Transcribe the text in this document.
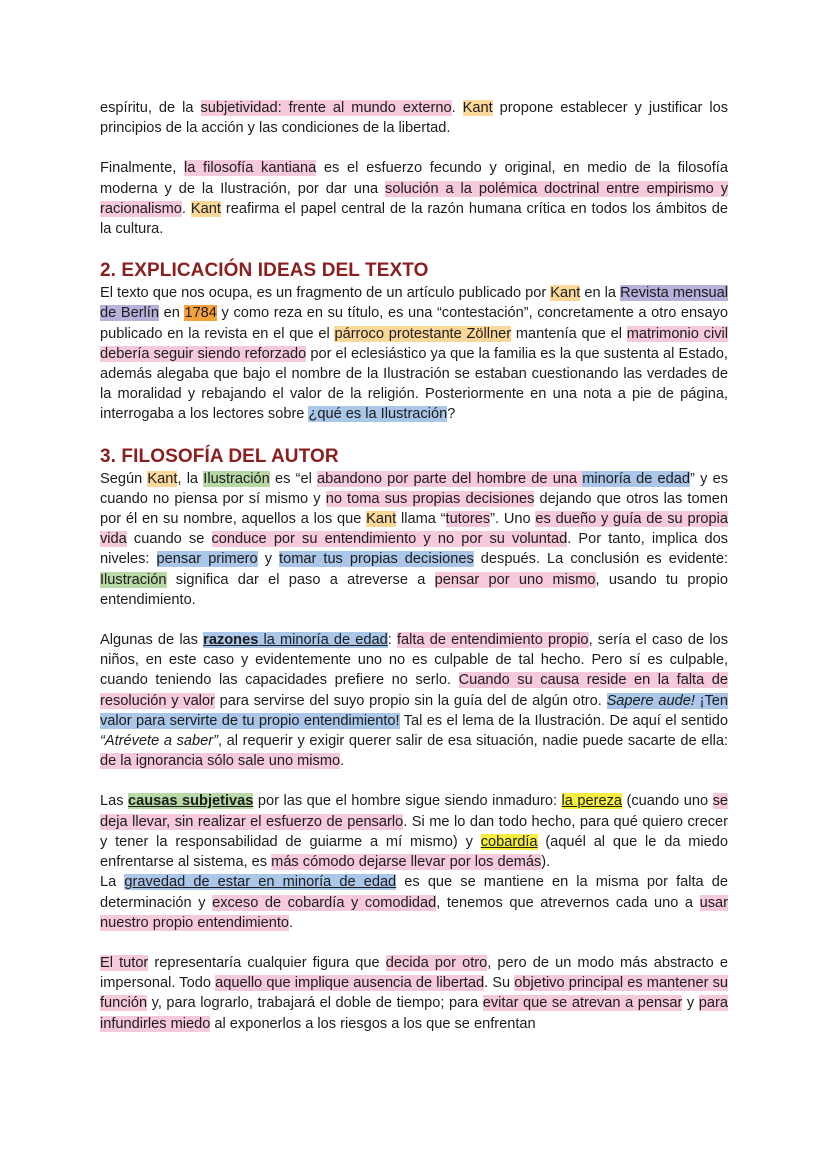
espíritu, de la subjetividad: frente al mundo externo. Kant propone establecer y justificar los principios de la acción y las condiciones de la libertad.

Finalmente, la filosofía kantiana es el esfuerzo fecundo y original, en medio de la filosofía moderna y de la Ilustración, por dar una solución a la polémica doctrinal entre empirismo y racionalismo. Kant reafirma el papel central de la razón humana crítica en todos los ámbitos de la cultura.

2. EXPLICACIÓN IDEAS DEL TEXTO

El texto que nos ocupa, es un fragmento de un artículo publicado por Kant en la Revista mensual de Berlín en 1784 y como reza en su título, es una “contestación”, concretamente a otro ensayo publicado en la revista en el que el párroco protestante Zöllner mantenía que el matrimonio civil debería seguir siendo reforzado por el eclesiástico ya que la familia es la que sustenta al Estado, además alegaba que bajo el nombre de la Ilustración se estaban cuestionando las verdades de la moralidad y rebajando el valor de la religión. Posteriormente en una nota a pie de página, interrogaba a los lectores sobre ¿qué es la Ilustración?

3. FILOSOFÍA DEL AUTOR

Según Kant, la Ilustración es “el abandono por parte del hombre de una minoría de edad” y es cuando no piensa por sí mismo y no toma sus propias decisiones dejando que otros las tomen por él en su nombre, aquellos a los que Kant llama “tutores”. Uno es dueño y guía de su propia vida cuando se conduce por su entendimiento y no por su voluntad. Por tanto, implica dos niveles: pensar primero y tomar tus propias decisiones después. La conclusión es evidente: Ilustración significa dar el paso a atreverse a pensar por uno mismo, usando tu propio entendimiento.

Algunas de las razones la minoría de edad: falta de entendimiento propio, sería el caso de los niños, en este caso y evidentemente uno no es culpable de tal hecho. Pero sí es culpable, cuando teniendo las capacidades prefiere no serlo. Cuando su causa reside en la falta de resolución y valor para servirse del suyo propio sin la guía del de algún otro. Sapere aude! ¡Ten valor para servirte de tu propio entendimiento! Tal es el lema de la Ilustración. De aquí el sentido “Atrévete a saber”, al requerir y exigir querer salir de esa situación, nadie puede sacarte de ella: de la ignorancia sólo sale uno mismo.

Las causas subjetivas por las que el hombre sigue siendo inmaduro: la pereza (cuando uno se deja llevar, sin realizar el esfuerzo de pensarlo. Si me lo dan todo hecho, para qué quiero crecer y tener la responsabilidad de guiarme a mí mismo) y cobardía (aquél al que le da miedo enfrentarse al sistema, es más cómodo dejarse llevar por los demás).

La gravedad de estar en minoría de edad es que se mantiene en la misma por falta de determinación y exceso de cobardía y comodidad, tenemos que atrevernos cada uno a usar nuestro propio entendimiento.

El tutor representaría cualquier figura que decida por otro, pero de un modo más abstracto e impersonal. Todo aquello que implique ausencia de libertad. Su objetivo principal es mantener su función y, para lograrlo, trabajará el doble de tiempo; para evitar que se atrevan a pensar y para infundirles miedo al exponerlos a los riesgos a los que se enfrentan
